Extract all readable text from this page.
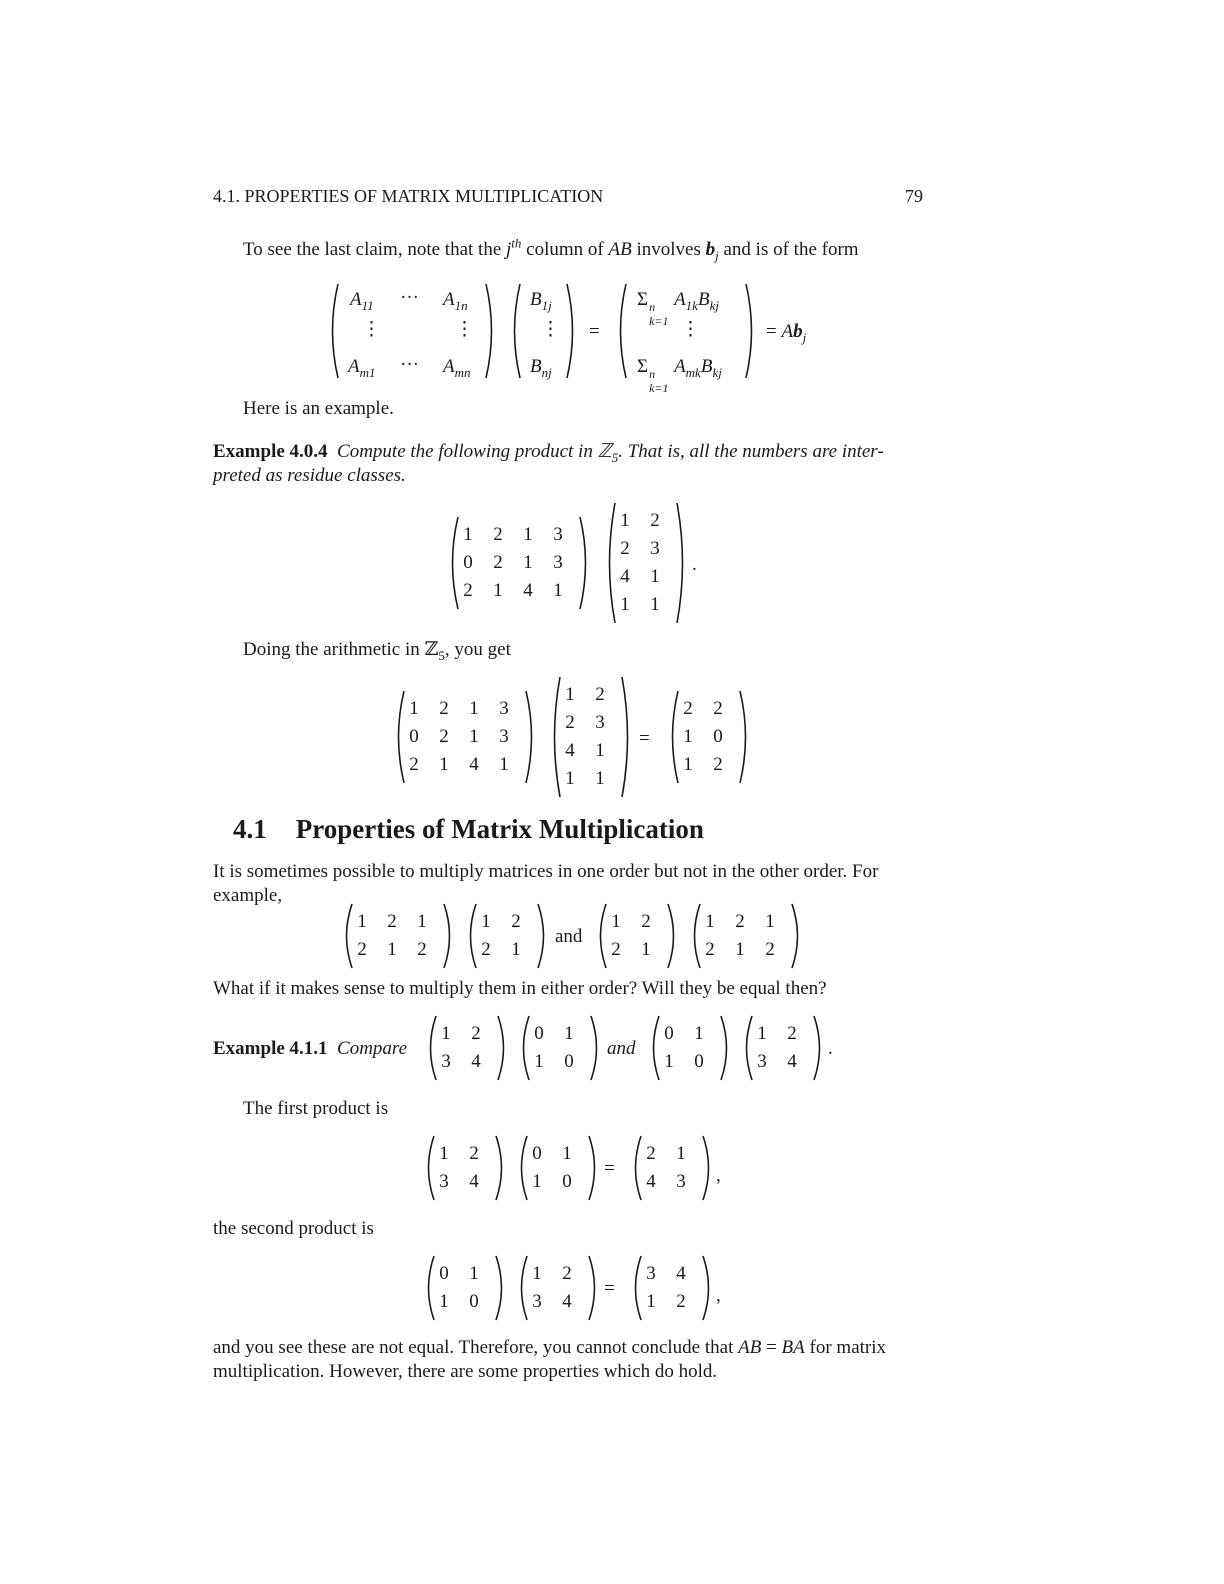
4.1. PROPERTIES OF MATRIX MULTIPLICATION	79
To see the last claim, note that the $j^{th}$ column of AB involves $b_j$ and is of the form
$A_{11}$ ··· $A_{1n}$
⋮	⋮
$A_{m1}$ ··· $A_{mn}$
$B_{1j}$
⋮
$B_{nj}$
=
Σ n
k=1
$A_{1k}B_{kj}$
⋮
Σ n
k=1
$A_{mk}B_{kj}$
= $Ab_j$
Here is an example.
Example 4.0.4 Compute the following product in ℤ$_5$. That is, all the numbers are inter-
preted as residue classes.
1	2	1	3
0	2	1	3
2	1	4	1
1	2
2	3
4	1
1	1
1	2	1	3
0	2	1	3
2	1	4	1
1	2
2	3
4	1
1	1
2	2
1	0
1	2
1	2	1
2	1	2
1	2
2	1
1	2
2	1
1	2	1
2	1	2
1	2
3	4
0	1
1	0
0	1
1	0
1	2
3	4
1	2
3	4
0	1
1	0
2	1
4	3
0	1
1	0
1	2
3	4
3	4
1	2
.
Doing the arithmetic in ℤ$_5$, you get
=
4.1 Properties of Matrix Multiplication
It is sometimes possible to multiply matrices in one order but not in the other order. For
example,
and
What if it makes sense to multiply them in either order? Will they be equal then?
Example 4.1.1 Compare	and	.
The first product is
=	,
the second product is
=	,
and you see these are not equal. Therefore, you cannot conclude that AB = BA for matrix
multiplication. However, there are some properties which do hold.
